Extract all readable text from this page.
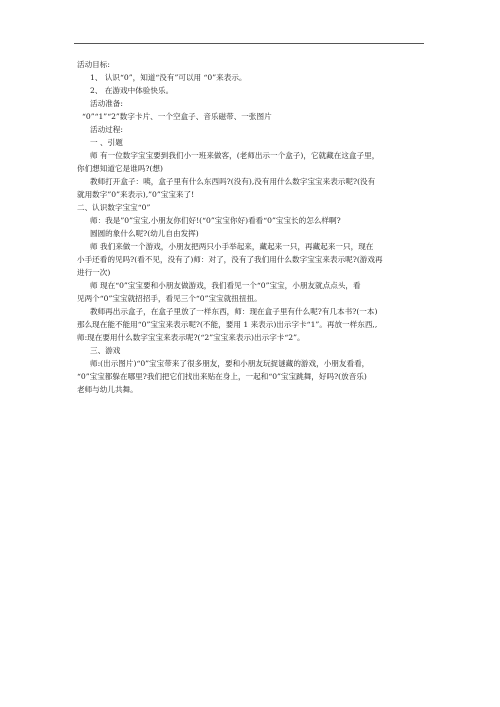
活动目标:
1、 认识“0”，知道“没有”可以用 “0”来表示。
2、 在游戏中体验快乐。
活动准备:
“0”“1”“2”数字卡片、一个空盒子、音乐磁带、一张图片
活动过程:
一 、引题
师 有一位数字宝宝要到我们小一班来做客，(老师出示一个盒子)，它就藏在这盒子里，
你们想知道它是谁吗?(想)
教师打开盒子：咦，盒子里有什么东西吗?(没有),没有用什么数字宝宝来表示呢?(没有
就用数字”0”来表示),”0”宝宝来了!
二、认识数字宝宝“0”
师：我是”0”宝宝,小朋友你们好!(“0”宝宝你好)看看“0”宝宝长的怎么样啊?
圆圆的象什么呢?(幼儿自由发挥)
师 我们来做一个游戏，小朋友把两只小手举起来，藏起来一只，再藏起来一只，现在
小手还看的见吗?(看不见，没有了)师：对了，没有了我们用什么数字宝宝来表示呢?(游戏再
进行一次)
师 现在“0”宝宝要和小朋友做游戏，我们看见一个“0”宝宝，小朋友就点点头，看
见两个“0”宝宝就招招手，看见三个“0”宝宝就扭扭扭。
教师再出示盒子，在盒子里放了一样东西，师：现在盒子里有什么呢?有几本书?(一本)
那么现在能不能用“0”宝宝来表示呢?(不能，要用 1 来表示)出示字卡“1”。再放一样东西,,
师:现在要用什么数字宝宝来表示呢?(“2”宝宝来表示)出示字卡“2”。
三、游戏
师:(出示图片)“0”宝宝带来了很多朋友，要和小朋友玩捉谜藏的游戏，小朋友看看，
“0”宝宝都躲在哪里?我们把它们找出来贴在身上，一起和“0”宝宝跳舞，好吗?(放音乐)
老师与幼儿共舞。
